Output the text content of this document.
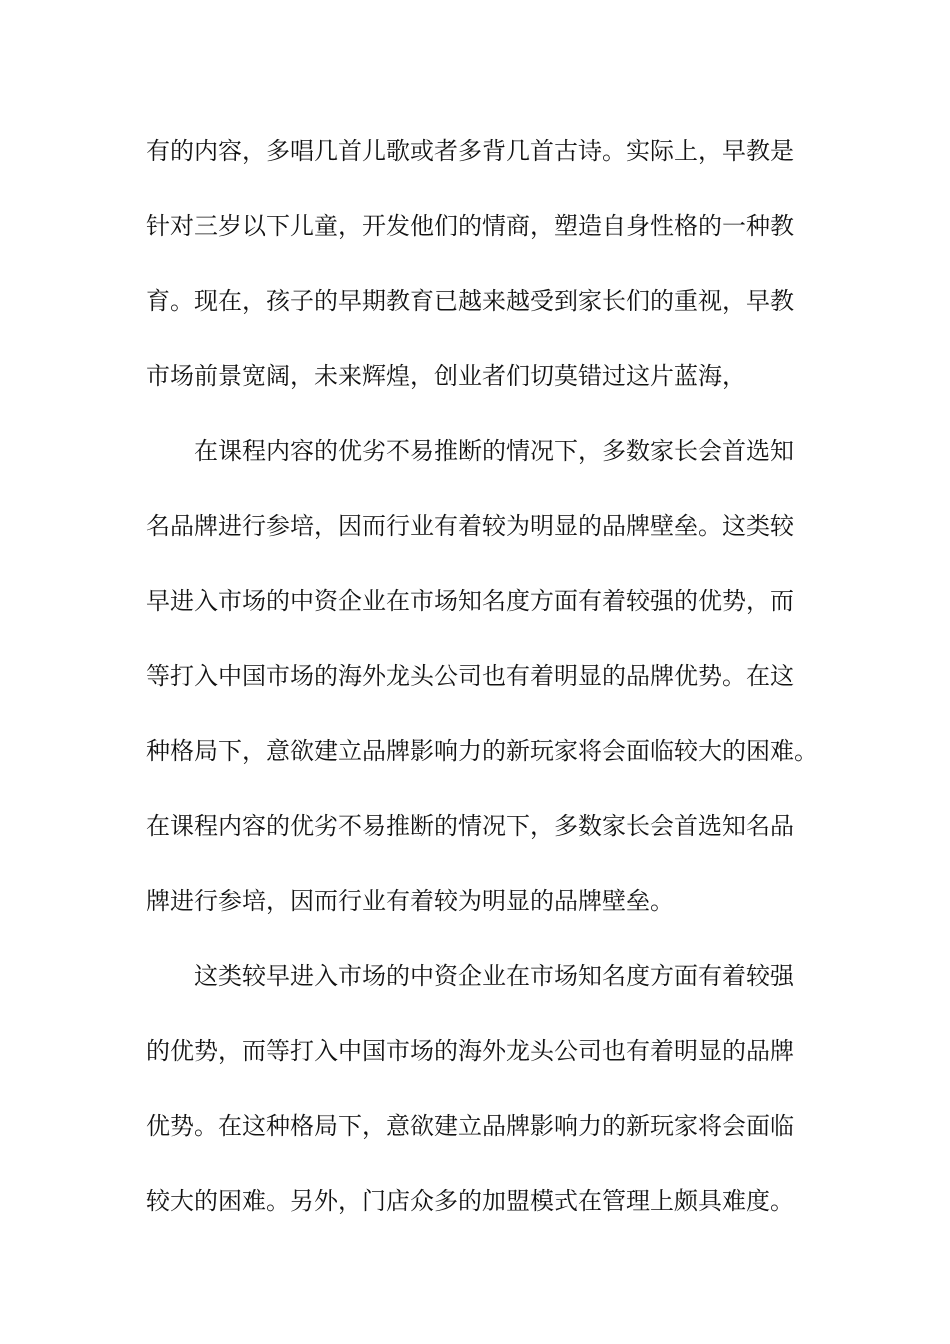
有的内容，多唱几首儿歌或者多背几首古诗。实际上，早教是
针对三岁以下儿童，开发他们的情商，塑造自身性格的一种教
育。现在，孩子的早期教育已越来越受到家长们的重视，早教
市场前景宽阔，未来辉煌，创业者们切莫错过这片蓝海，
在课程内容的优劣不易推断的情况下，多数家长会首选知
名品牌进行参培，因而行业有着较为明显的品牌壁垒。这类较
早进入市场的中资企业在市场知名度方面有着较强的优势，而
等打入中国市场的海外龙头公司也有着明显的品牌优势。在这
种格局下，意欲建立品牌影响力的新玩家将会面临较大的困难。
在课程内容的优劣不易推断的情况下，多数家长会首选知名品
牌进行参培，因而行业有着较为明显的品牌壁垒。
这类较早进入市场的中资企业在市场知名度方面有着较强
的优势，而等打入中国市场的海外龙头公司也有着明显的品牌
优势。在这种格局下，意欲建立品牌影响力的新玩家将会面临
较大的困难。另外，门店众多的加盟模式在管理上颇具难度。
